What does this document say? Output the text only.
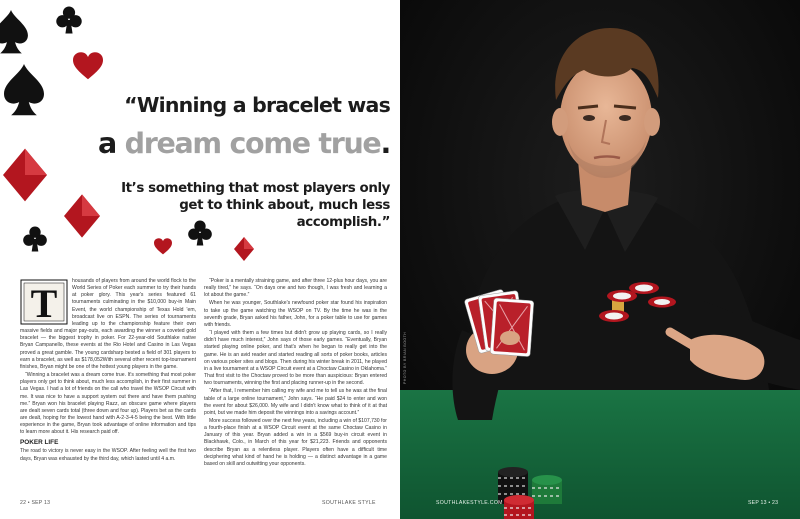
“Winning a bracelet was
a dream come true.
It’s something that most players only get to think about, much less accomplish.”
T	housands of players from around the world flock to the World Series of Poker each summer to try their hands at poker glory. This year's series featured 61 tournaments culminating in the $10,000 buy-in Main Event, the world championship of Texas Hold 'em, broadcast live on ESPN. The series of tournaments leading up to the championship feature their own massive fields and major pay-outs, each awarding the winner a coveted gold bracelet — the biggest trophy in poker. For 22-year-old Southlake native Bryan Campanello, these events at the Rio Hotel and Casino in Las Vegas proved a great gamble. The young cardsharp bested a field of 301 players to earn a bracelet, as well as $178,052With several other recent top-tournament finishes, Bryan might be one of the hottest young players in the game.

“Winning a bracelet was a dream come true. It's something that most poker players only get to think about, much less accomplish, in their first summer in Las Vegas. I had a lot of friends on the call who travel the WSOP Circuit with me. It was nice to have a support system out there and have them pushing me.” Bryan won his bracelet playing Razz, an obscure game where players are dealt seven cards total (three down and four up). Players bet as the cards are dealt, hoping for the lowest hand with A-2-3-4-5 being the best. With little experience in the game, Bryan took advantage of online information and tips to learn more about it. His research paid off.

POKER LIFE

The road to victory is never easy in the WSOP. After feeling well the first two days, Bryan was exhausted by the third day, which lasted until 4 a.m.

“Poker is a mentally straining game, and after three 12-plus hour days, you are really tired,” he says. “On days one and two though, I was fresh and learning a lot about the game.”

When he was younger, Southlake's newfound poker star found his inspiration to take up the game watching the WSOP on TV. By the time he was in the seventh grade, Bryan asked his father, John, for a poker table to use for games with friends.

“I played with them a few times but didn't grow up playing cards, so I really didn't have much interest,” John says of those early games. “Eventually, Bryan started playing online poker, and that's when he began to really get into the game. He is an avid reader and started reading all sorts of poker books, articles on various poker sites and blogs. Then during his winter break in 2011, he played in a live tournament at a WSOP Circuit event at a Choctaw Casino in Oklahoma.” That first visit to the Choctaw proved to be more than auspicious: Bryan entered two tournaments, winning the first and placing runner-up in the second.

“After that, I remember him calling my wife and me to tell us he was at the final table of a large online tournament,” John says. “He paid $24 to enter and won the event for about $26,000. My wife and I didn't know what to think of it at that point, but we made him deposit the winnings into a savings account.”

More success followed over the next few years, including a win of $107,730 for a fourth-place finish at a WSOP Circuit event at the same Choctaw Casino in January of this year. Bryan added a win in a $569 buy-in circuit event in Blackhawk, Colo., in March of this year for $21,223. Friends and opponents describe Bryan as a relentless player. Players often have a difficult time deciphering what kind of hand he is holding — a distinct advantage in a game based on skill and outwitting your opponents.

22 • SEP 13	SOUTHLAKE STYLE
PHOTO BY BRIAN BOOTH
SOUTHLAKESTYLE.COM	SEP 13 • 23
